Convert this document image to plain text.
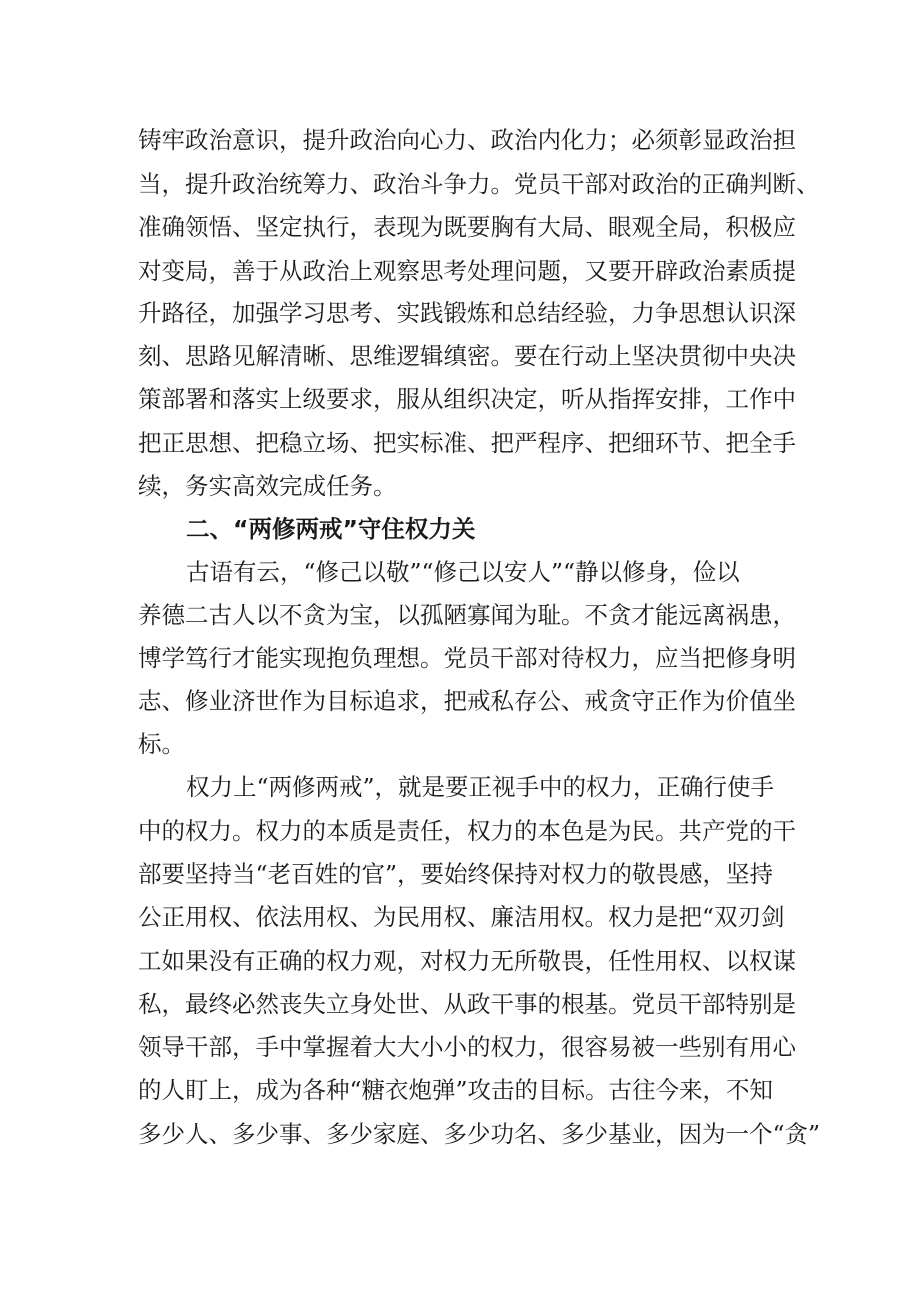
铸牢政治意识，提升政治向心力、政治内化力；必须彰显政治担

当，提升政治统筹力、政治斗争力。党员干部对政治的正确判断、

准确领悟、坚定执行，表现为既要胸有大局、眼观全局，积极应

对变局，善于从政治上观察思考处理问题，又要开辟政治素质提

升路径，加强学习思考、实践锻炼和总结经验，力争思想认识深

刻、思路见解清晰、思维逻辑缜密。要在行动上坚决贯彻中央决

策部署和落实上级要求，服从组织决定，听从指挥安排，工作中

把正思想、把稳立场、把实标准、把严程序、把细环节、把全手

续，务实高效完成任务。

二、“两修两戒”守住权力关

古语有云，“修己以敬”“修己以安人”“静以修身，俭以

养德二古人以不贪为宝，以孤陋寡闻为耻。不贪才能远离祸患，

博学笃行才能实现抱负理想。党员干部对待权力，应当把修身明

志、修业济世作为目标追求，把戒私存公、戒贪守正作为价值坐

标。

权力上“两修两戒”，就是要正视手中的权力，正确行使手

中的权力。权力的本质是责任，权力的本色是为民。共产党的干

部要坚持当“老百姓的官”，要始终保持对权力的敬畏感，坚持

公正用权、依法用权、为民用权、廉洁用权。权力是把“双刃剑

工如果没有正确的权力观，对权力无所敬畏，任性用权、以权谋

私，最终必然丧失立身处世、从政干事的根基。党员干部特别是

领导干部，手中掌握着大大小小的权力，很容易被一些别有用心

的人盯上，成为各种“糖衣炮弹”攻击的目标。古往今来，不知

多少人、多少事、多少家庭、多少功名、多少基业，因为一个“贪”
